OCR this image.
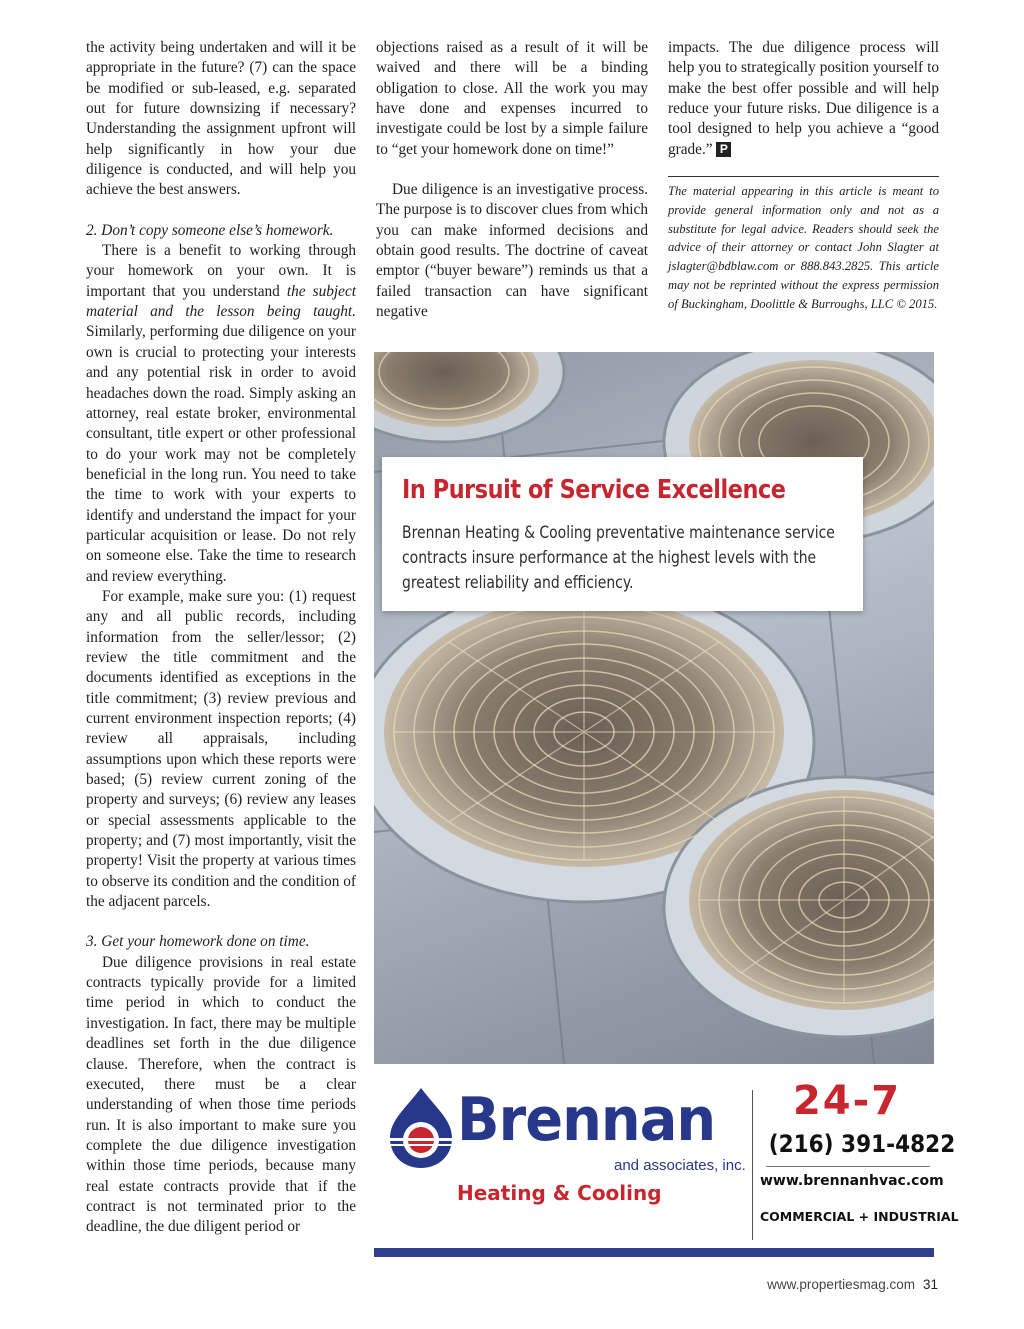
the activity being undertaken and will it be appropriate in the future? (7) can the space be modified or sub-leased, e.g. separated out for future downsizing if necessary? Understanding the assignment upfront will help significantly in how your due diligence is conducted, and will help you achieve the best answers.

2. Don’t copy someone else’s homework.

There is a benefit to working through your homework on your own. It is important that you understand the subject material and the lesson being taught. Similarly, performing due diligence on your own is crucial to protecting your interests and any potential risk in order to avoid headaches down the road. Simply asking an attorney, real estate broker, environmental consultant, title expert or other professional to do your work may not be completely beneficial in the long run. You need to take the time to work with your experts to identify and understand the impact for your particular acquisition or lease. Do not rely on someone else. Take the time to research and review everything.

For example, make sure you: (1) request any and all public records, including information from the seller/lessor; (2) review the title commitment and the documents identified as exceptions in the title commitment; (3) review previous and current environment inspection reports; (4) review all appraisals, including assumptions upon which these reports were based; (5) review current zoning of the property and surveys; (6) review any leases or special assessments applicable to the property; and (7) most importantly, visit the property! Visit the property at various times to observe its condition and the condition of the adjacent parcels.

3. Get your homework done on time.

Due diligence provisions in real estate contracts typically provide for a limited time period in which to conduct the investigation. In fact, there may be multiple deadlines set forth in the due diligence clause. Therefore, when the contract is executed, there must be a clear understanding of when those time periods run. It is also important to make sure you complete the due diligence investigation within those time periods, because many real estate contracts provide that if the contract is not terminated prior to the deadline, the due diligent period or

objections raised as a result of it will be waived and there will be a binding obligation to close. All the work you may have done and expenses incurred to investigate could be lost by a simple failure to “get your homework done on time!”

Due diligence is an investigative process. The purpose is to discover clues from which you can make informed decisions and obtain good results. The doctrine of caveat emptor (“buyer beware”) reminds us that a failed transaction can have significant negative

impacts. The due diligence process will help you to strategically position yourself to make the best offer possible and will help reduce your future risks. Due diligence is a tool designed to help you achieve a “good grade.” P

The material appearing in this article is meant to provide general information only and not as a substitute for legal advice. Readers should seek the advice of their attorney or contact John Slagter at jslagter@bdblaw.com or 888.843.2825. This article may not be reprinted without the express permission of Buckingham, Doolittle & Burroughs, LLC © 2015.
In Pursuit of Service Excellence
Brennan Heating & Cooling preventative maintenance service contracts insure performance at the highest levels with the greatest reliability and efficiency.
Brennan
and associates, inc.
Heating & Cooling
24-7
(216) 391-4822
www.brennanhvac.com
COMMERCIAL + INDUSTRIAL
www.propertiesmag.com 31
